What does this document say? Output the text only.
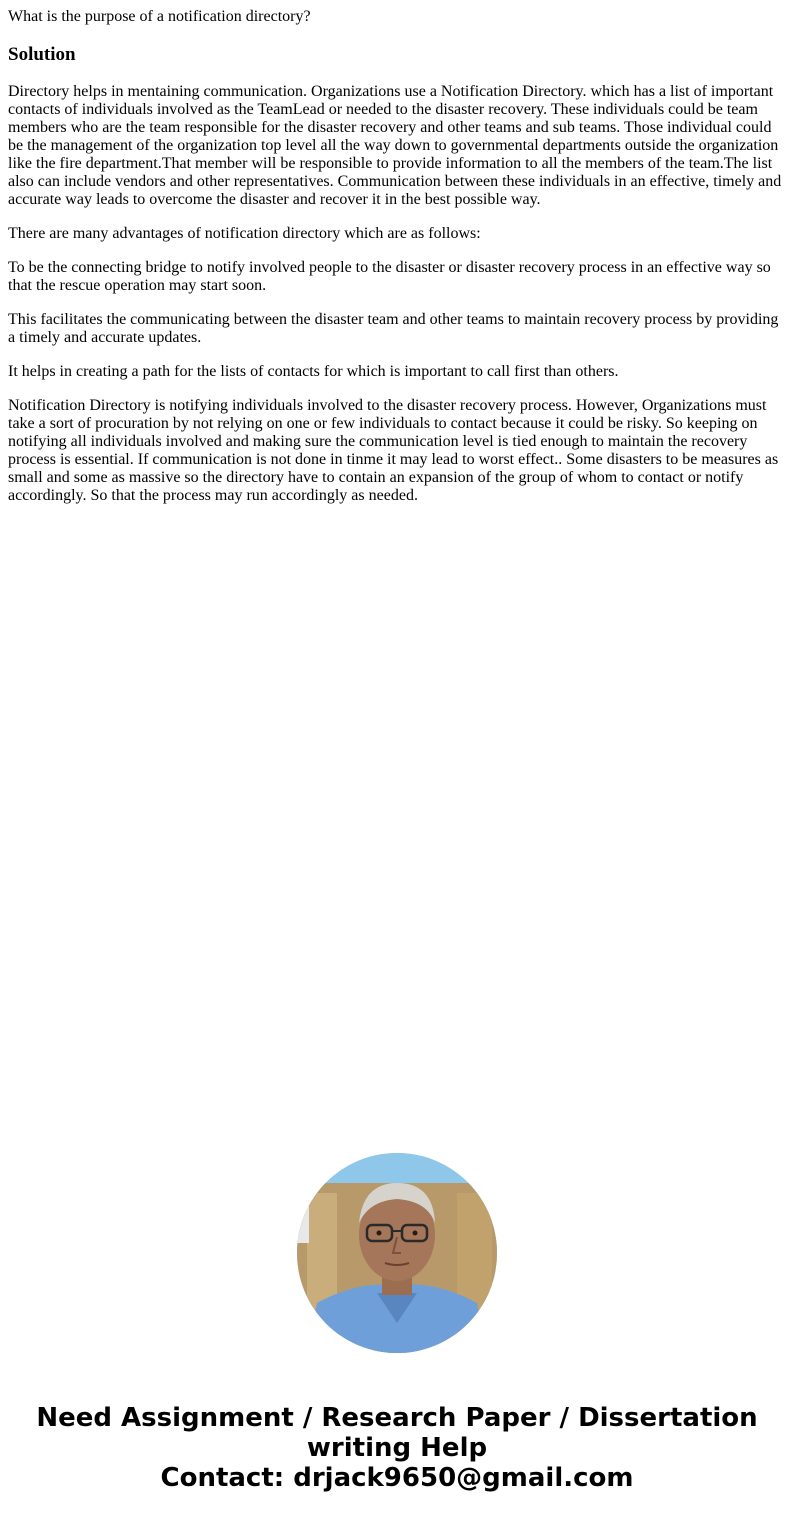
What is the purpose of a notification directory?
Solution

Directory helps in mentaining communication. Organizations use a Notification Directory. which has a list of important contacts of individuals involved as the TeamLead or needed to the disaster recovery. These individuals could be team members who are the team responsible for the disaster recovery and other teams and sub teams. Those individual could be the management of the organization top level all the way down to governmental departments outside the organization like the fire department.That member will be responsible to provide information to all the members of the team.The list also can include vendors and other representatives. Communication between these individuals in an effective, timely and accurate way leads to overcome the disaster and recover it in the best possible way.

There are many advantages of notification directory which are as follows:

To be the connecting bridge to notify involved people to the disaster or disaster recovery process in an effective way so that the rescue operation may start soon.

This facilitates the communicating between the disaster team and other teams to maintain recovery process by providing a timely and accurate updates.

It helps in creating a path for the lists of contacts for which is important to call first than others.

Notification Directory is notifying individuals involved to the disaster recovery process. However, Organizations must take a sort of procuration by not relying on one or few individuals to contact because it could be risky. So keeping on notifying all individuals involved and making sure the communication level is tied enough to maintain the recovery process is essential. If communication is not done in tinme it may lead to worst effect.. Some disasters to be measures as small and some as massive so the directory have to contain an expansion of the group of whom to contact or notify accordingly. So that the process may run accordingly as needed.

Need Assignment / Research Paper / Dissertation
writing Help
Contact: drjack9650@gmail.com
